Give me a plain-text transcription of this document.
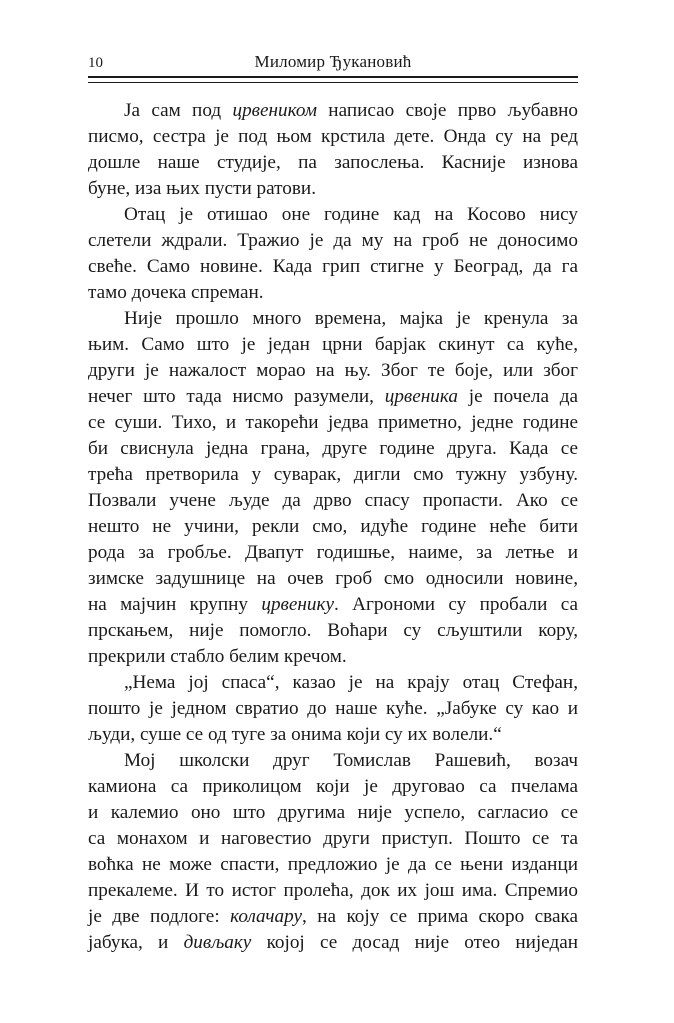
10	Миломир Ђукановић
Ја сам под црвеником написао своје прво љубавно
писмо, сестра је под њом крстила дете. Онда су на ред
дошле наше студије, па запослења. Касније изнова
буне, иза њих пусти ратови.
Отац је отишао оне године кад на Косово нису
слетели ждрали. Тражио је да му на гроб не доносимо
свеће. Само новине. Када грип стигне у Београд, да га
тамо дочека спреман.
Није прошло много времена, мајка је кренула за
њим. Само што је један црни барјак скинут са куће,
други је нажалост морао на њу. Због те боје, или због
нечег што тада нисмо разумели, црвеника је почела да
се суши. Тихо, и такорећи једва приметно, једне године
би свиснула једна грана, друге године друга. Када се
трећа претворила у суварак, дигли смо тужну узбуну.
Позвали учене људе да дрво спасу пропасти. Ако се
нешто не учини, рекли смо, идуће године неће бити
рода за гробље. Двапут годишње, наиме, за летње и
зимске задушнице на очев гроб смо односили новине,
на мајчин крупну црвенику. Агрономи су пробали са
прскањем, није помогло. Воћари су сљуштили кору,
прекрили стабло белим кречом.
„Нема јој спаса“, казао је на крају отац Стефан,
пошто је једном свратио до наше куће. „Јабуке су као и
људи, суше се од туге за онима који су их волели.“
Мој школски друг Томислав Рашевић, возач
камиона са приколицом који је друговао са пчелама
и калемио оно што другима није успело, сагласио се
са монахом и наговестио други приступ. Пошто се та
воћка не може спасти, предложио је да се њени изданци
прекалеме. И то истог пролећа, док их још има. Спремио
је две подлоге: колачару, на коју се прима скоро свака
јабука, и дивљаку којој се досад није отео ниједан
